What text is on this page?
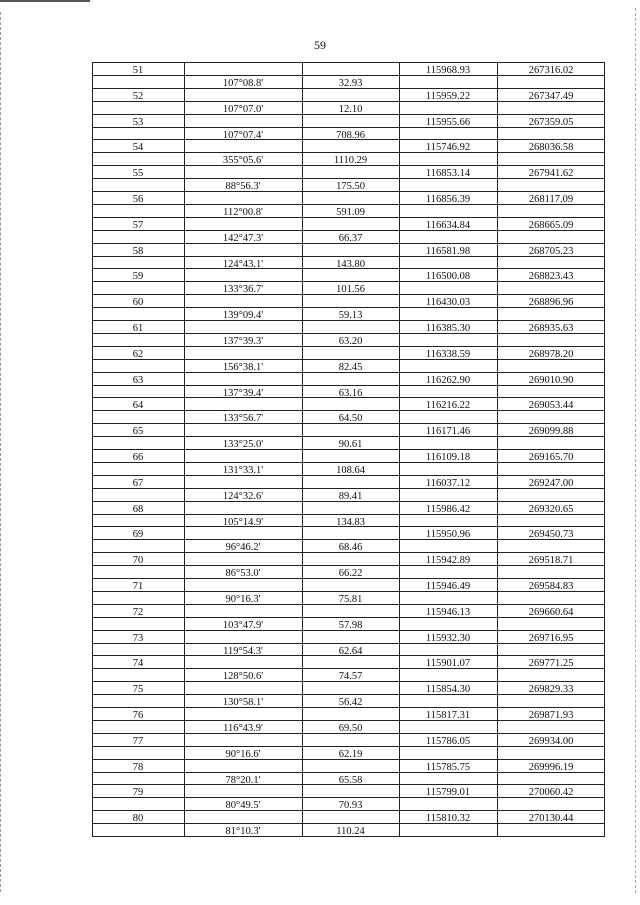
59
51
107°08.8'	32.93
115968.93	267316.02
52
107°07.0'	12.10
115959.22	267347.49
53
107°07.4'	708.96
115955.66	267359.05
54
355°05.6'	1110.29
115746.92	268036.58
55
88°56.3'	175.50
116853.14	267941.62
56
112°00.8'	591.09
116856.39	268117.09
57
142°47.3'	66.37
116634.84	268665.09
58
124°43.1'	143.80
116581.98	268705.23
59
133°36.7'	101.56
116500.08	268823.43
60
139°09.4'	59.13
116430.03	268896.96
61
137°39.3'	63.20
116385.30	268935.63
62
156°38.1'	82.45
116338.59	268978.20
63
137°39.4'	63.16
116262.90	269010.90
64
133°56.7'	64.50
116216.22	269053.44
65
133°25.0'	90.61
116171.46	269099.88
66
131°33.1'	108.64
116109.18	269165.70
67
124°32.6'	89.41
116037.12	269247.00
68
105°14.9'	134.83
115986.42	269320.65
69
96°46.2'	68.46
115950.96	269450.73
70
86°53.0'	66.22
115942.89	269518.71
71
90°16.3'	75.81
115946.49	269584.83
72
103°47.9'	57.98
115946.13	269660.64
73
119°54.3'	62.64
115932.30	269716.95
74
128°50.6'	74.57
115901.07	269771.25
75
130°58.1'	56.42
115854.30	269829.33
76
116°43.9'	69.50
115817.31	269871.93
77
90°16.6'	62.19
115786.05	269934.00
78
78°20.1'	65.58
115785.75	269996.19
79
80°49.5'	70.93
115799.01	270060.42
80
81°10.3'	110.24
115810.32	270130.44
